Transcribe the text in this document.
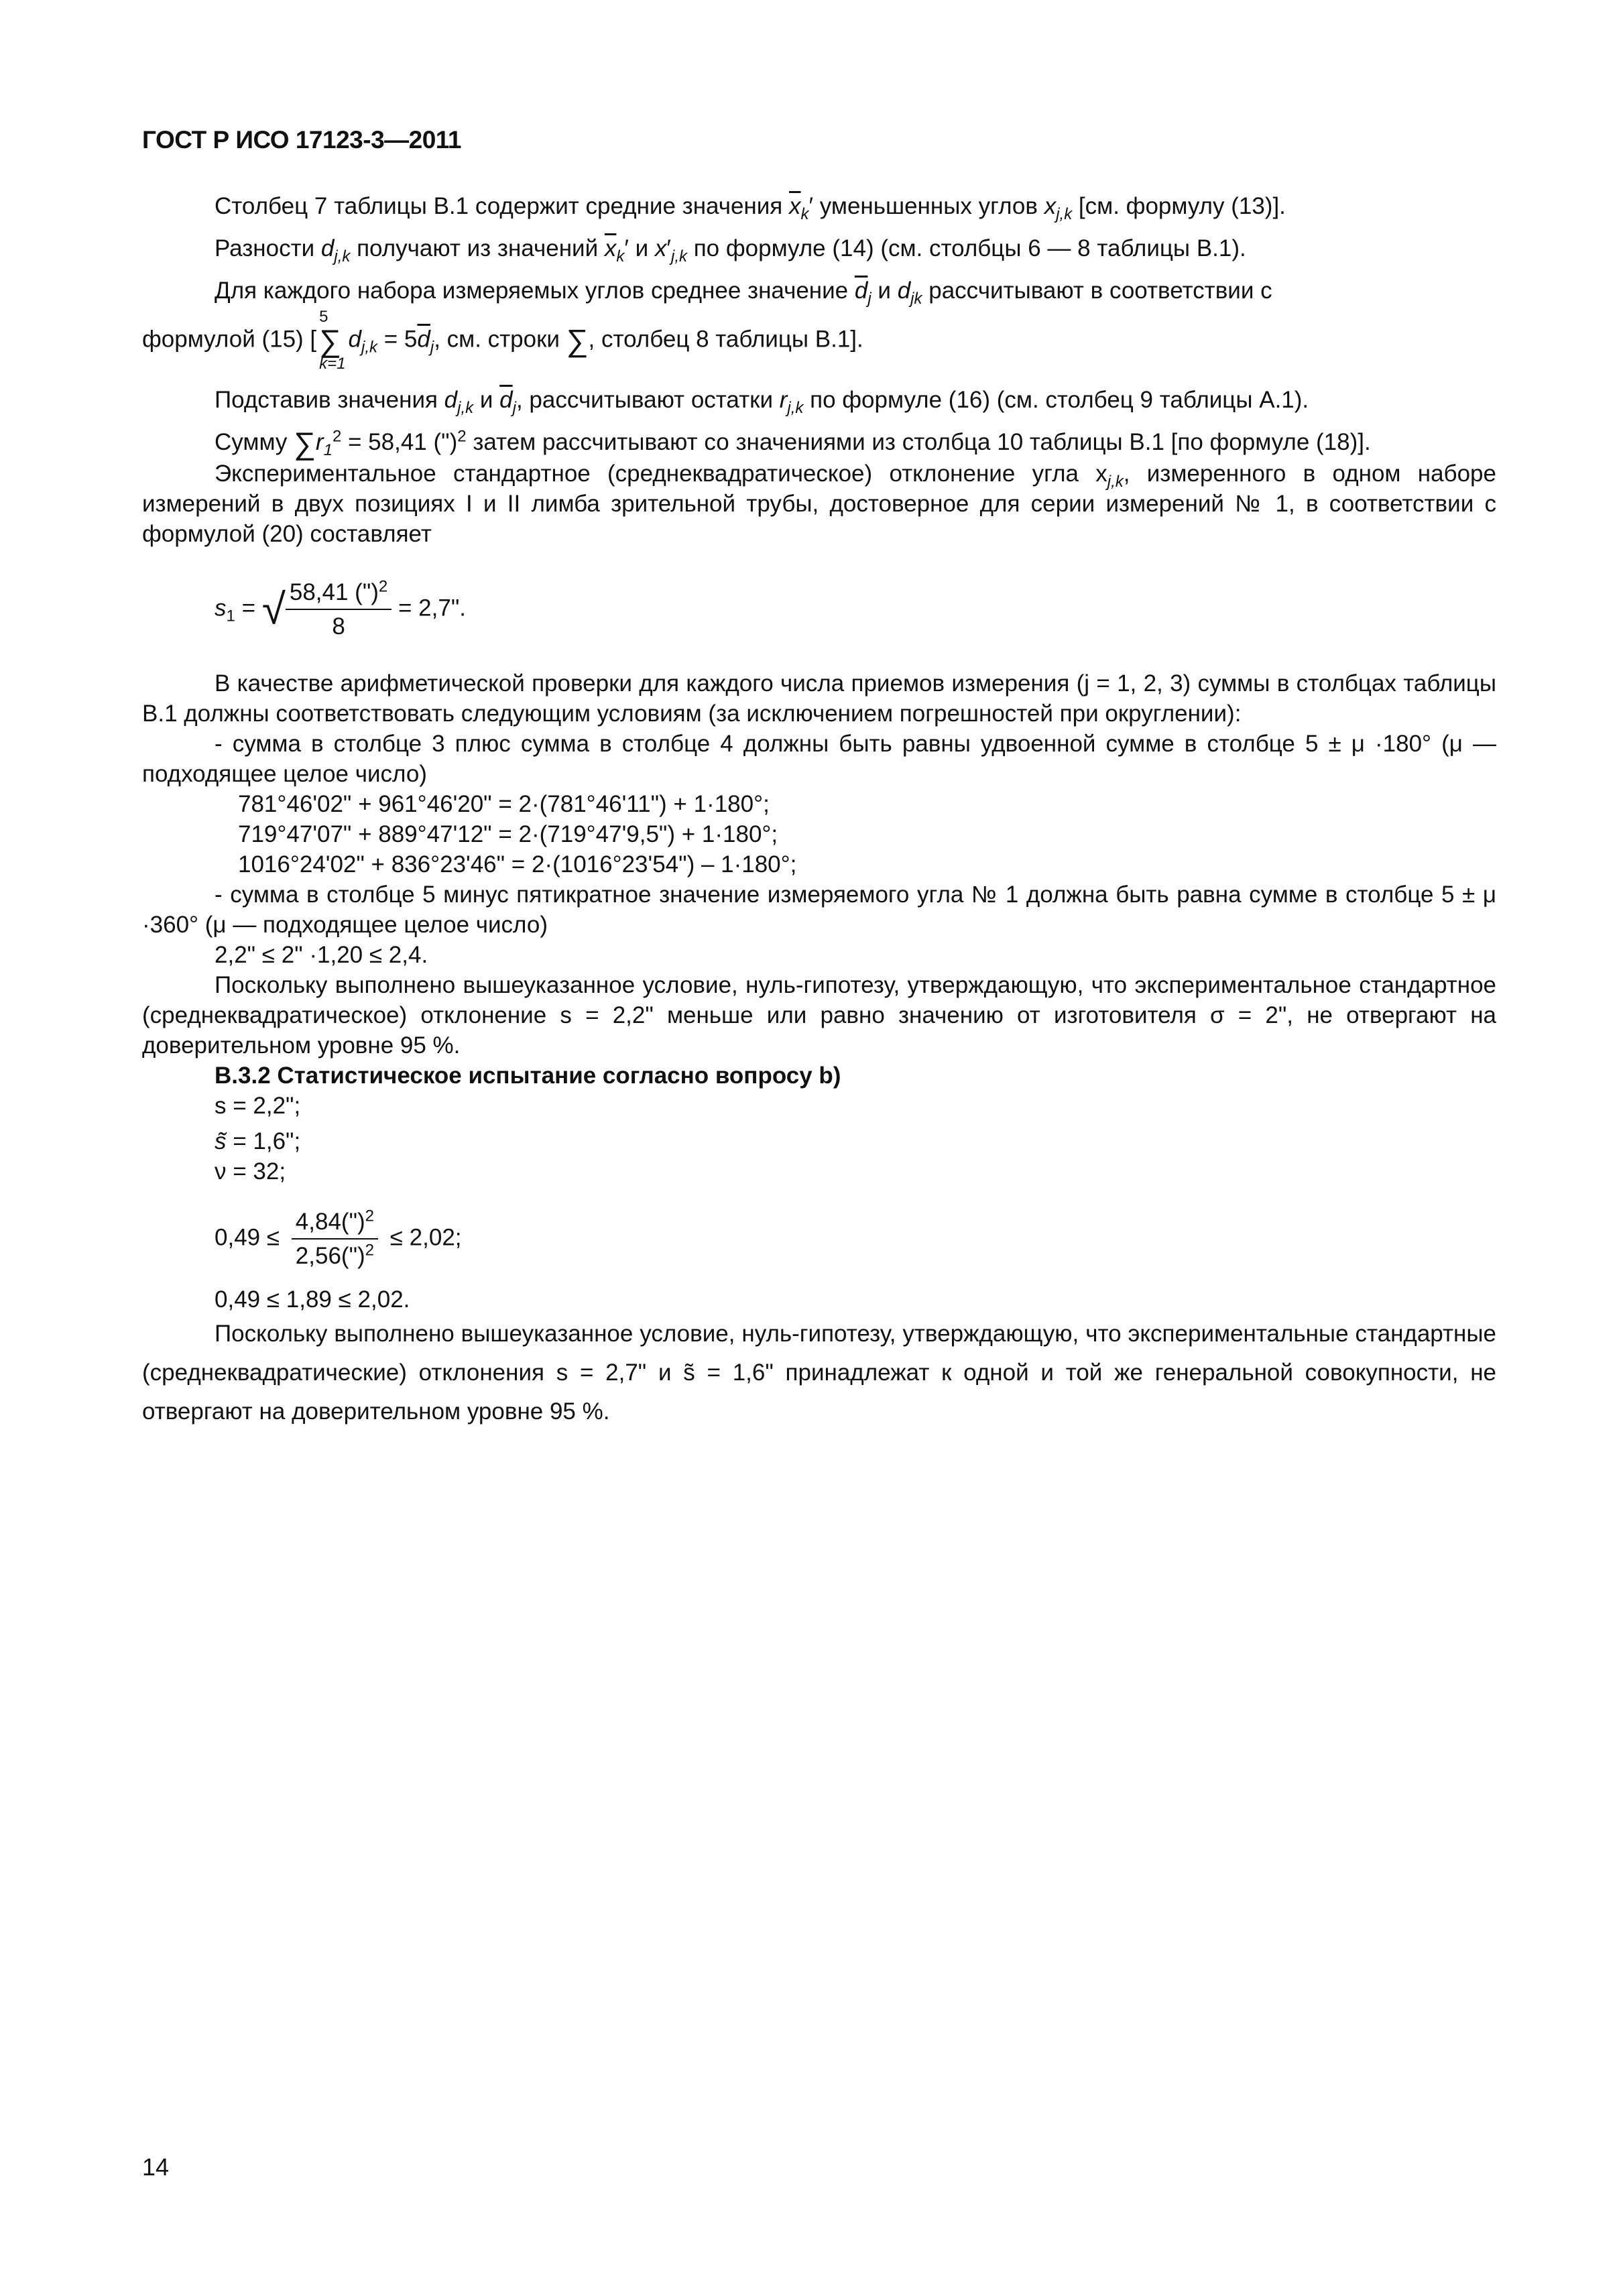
ГОСТ Р ИСО 17123-3—2011

Столбец 7 таблицы В.1 содержит средние значения $\overline{x}_k'$ уменьшенных углов $x_{j,k}$ [см. формулу (13)].

Разности $d_{j,k}$ получают из значений $\overline{x}_k'$ и $x'_{j,k}$ по формуле (14) (см. столбцы 6 — 8 таблицы В.1).

Для каждого набора измеряемых углов среднее значение $\overline{d}_j$ и $d_{jk}$ рассчитывают в соответствии с

формулой (15) [5
∑
$k=1d_{j,k} = 5\overline{d}_j$, см. строки ∑, столбец 8 таблицы В.1].

Подставив значения $d_{j,k}$ и $\overline{d}_j$, рассчитывают остатки $r_{j,k}$ по формуле (16) (см. столбец 9 таблицы А.1).

Сумму $\sum r_1^2 = 58,41$ (")$^2$ затем рассчитывают со значениями из столбца 10 таблицы В.1 [по формуле (18)].

Экспериментальное стандартное (среднеквадратическое) отклонение угла $x_{j,k}$, измеренного в одном наборе измерений в двух позициях I и II лимба зрительной трубы, достоверное для серии измерений № 1, в соответствии с формулой (20) составляет

$s_1$ = √ $\frac{58,41 (")^2}{8} = 2,7$".

В качестве арифметической проверки для каждого числа приемов измерения (j = 1, 2, 3) суммы в столбцах таблицы В.1 должны соответствовать следующим условиям (за исключением погрешностей при округлении):

- сумма в столбце 3 плюс сумма в столбце 4 должны быть равны удвоенной сумме в столбце 5 ± μ ·180° (μ — подходящее целое число)

781°46'02" + 961°46'20" = 2·(781°46'11") + 1·180°;

719°47'07" + 889°47'12" = 2·(719°47'9,5") + 1·180°;

1016°24'02" + 836°23'46" = 2·(1016°23'54") – 1·180°;

- сумма в столбце 5 минус пятикратное значение измеряемого угла № 1 должна быть равна сумме в столбце 5 ± μ ·360° (μ — подходящее целое число)

2,2" ≤ 2" ·1,20 ≤ 2,4.

Поскольку выполнено вышеуказанное условие, нуль-гипотезу, утверждающую, что экспериментальное стандартное (среднеквадратическое) отклонение s = 2,2" меньше или равно значению от изготовителя σ = 2", не отвергают на доверительном уровне 95 %.

В.3.2 Статистическое испытание согласно вопросу b)

s = 2,2";

s̃ = 1,6";

ν = 32;

$0,49 \le \frac{4,84(")^2}{2,56(")^2} \le 2,02$;

0,49 ≤ 1,89 ≤ 2,02.

Поскольку выполнено вышеуказанное условие, нуль-гипотезу, утверждающую, что экспериментальные стандартные (среднеквадратические) отклонения s = 2,7" и s̃ = 1,6" принадлежат к одной и той же генеральной совокупности, не отвергают на доверительном уровне 95 %.

14
